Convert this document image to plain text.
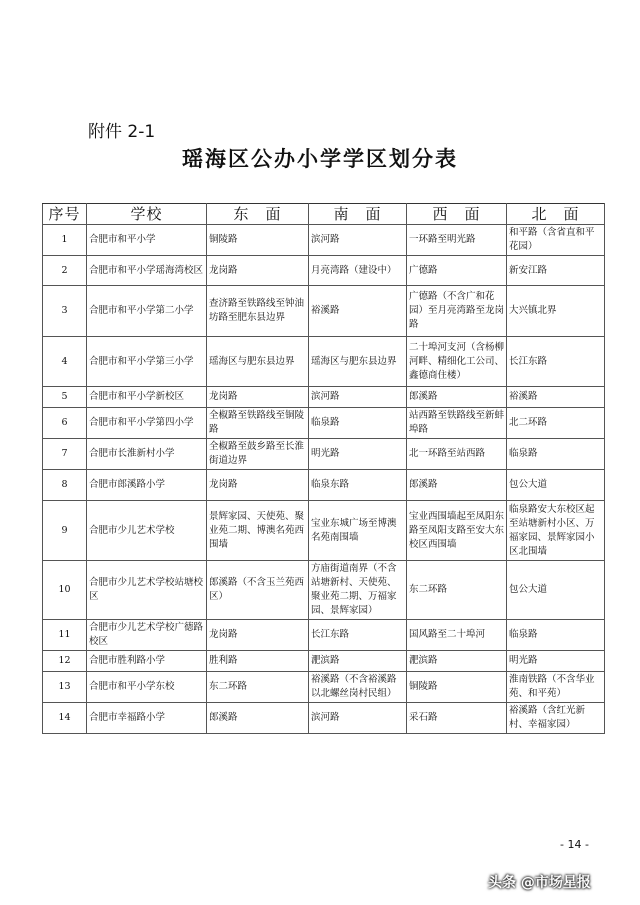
附件 2-1
瑶海区公办小学学区划分表
序号	学校	东　面	南　面	西　面	北　面
1	合肥市和平小学	铜陵路	滨河路	一环路至明光路	和平路（含省直和平花园）
2	合肥市和平小学瑶海湾校区	龙岗路	月亮湾路（建设中）	广德路	新安江路
3	合肥市和平小学第二小学	查济路至铁路线至钟油坊路至肥东县边界	裕溪路	广德路（不含广和花园）至月亮湾路至龙岗路	大兴镇北界
4	合肥市和平小学第三小学	瑶海区与肥东县边界	瑶海区与肥东县边界	二十埠河支河（含杨柳河畔、精细化工公司、鑫德商住楼）	长江东路
5	合肥市和平小学新校区	龙岗路	滨河路	郎溪路	裕溪路
6	合肥市和平小学第四小学	全椒路至铁路线至铜陵路	临泉路	站西路至铁路线至新蚌埠路	北二环路
7	合肥市长淮新村小学	全椒路至鼓乡路至长淮街道边界	明光路	北一环路至站西路	临泉路
8	合肥市郎溪路小学	龙岗路	临泉东路	郎溪路	包公大道
9	合肥市少儿艺术学校	景辉家园、天使苑、聚业苑二期、博澳名苑西围墙	宝业东城广场至博澳名苑南围墙	宝业西围墙起至凤阳东路至凤阳支路至安大东校区西围墙	临泉路安大东校区起至站塘新村小区、万福家园、景辉家园小区北围墙
10	合肥市少儿艺术学校站塘校区	郎溪路（不含玉兰苑西区）	方庙街道南界（不含站塘新村、天使苑、聚业苑二期、万福家园、景辉家园）	东二环路	包公大道
11	合肥市少儿艺术学校广德路校区	龙岗路	长江东路	国风路至二十埠河	临泉路
12	合肥市胜利路小学	胜利路	淝滨路	淝滨路	明光路
13	合肥市和平小学东校	东二环路	裕溪路（不含裕溪路以北螺丝岗村民组）	铜陵路	淮南铁路（不含华业苑、和平苑）
14	合肥市幸福路小学	郎溪路	滨河路	采石路	裕溪路（含红光新村、幸福家园）
- 14 -
头条 @市场星报
